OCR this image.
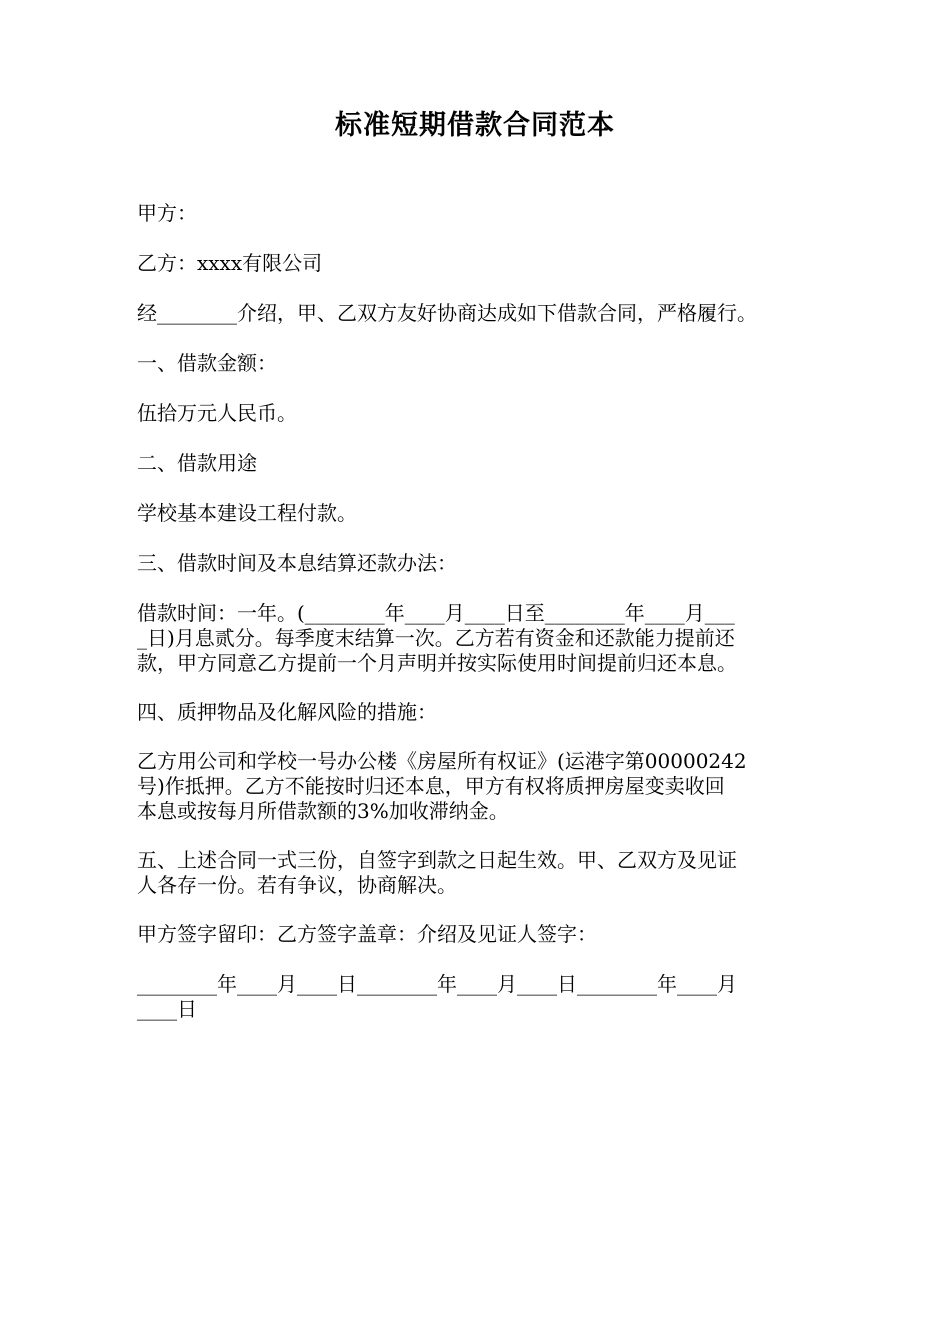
标准短期借款合同范本

甲方：

乙方：xxxx有限公司

经________介绍，甲、乙双方友好协商达成如下借款合同，严格履行。

一、借款金额：

伍拾万元人民币。

二、借款用途

学校基本建设工程付款。

三、借款时间及本息结算还款办法：

借款时间：一年。(________年____月____日至________年____月___
_日)月息贰分。每季度末结算一次。乙方若有资金和还款能力提前还
款，甲方同意乙方提前一个月声明并按实际使用时间提前归还本息。

四、质押物品及化解风险的措施：

乙方用公司和学校一号办公楼《房屋所有权证》(运港字第00000242
号)作抵押。乙方不能按时归还本息，甲方有权将质押房屋变卖收回
本息或按每月所借款额的3%加收滞纳金。
五、上述合同一式三份，自签字到款之日起生效。甲、乙双方及见证
人各存一份。若有争议，协商解决。

甲方签字留印：乙方签字盖章：介绍及见证人签字：

________年____月____日________年____月____日________年____月
____日
